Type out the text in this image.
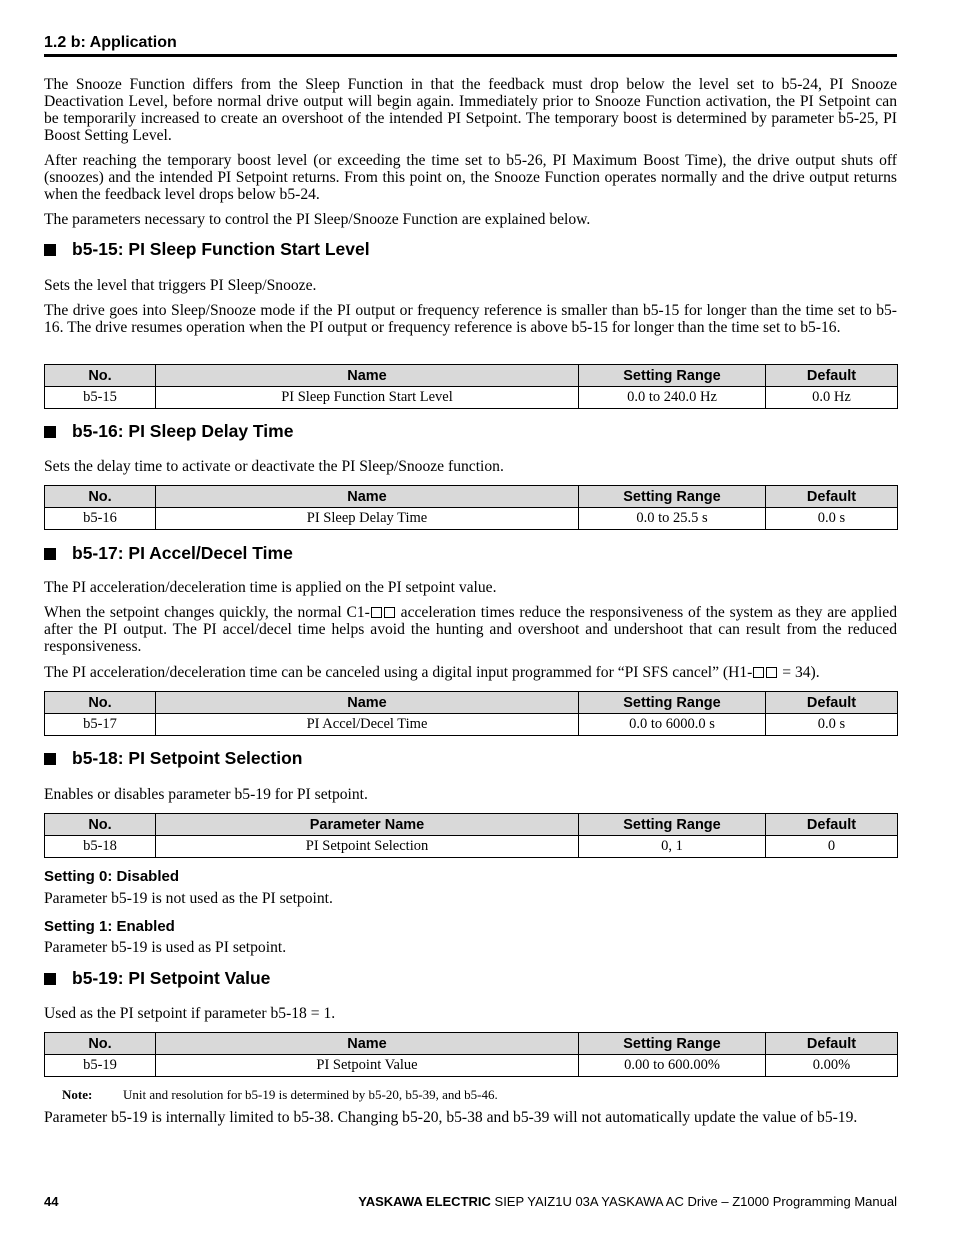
1.2 b: Application

The Snooze Function differs from the Sleep Function in that the feedback must drop below the level set to b5-24, PI Snooze Deactivation Level, before normal drive output will begin again. Immediately prior to Snooze Function activation, the PI Setpoint can be temporarily increased to create an overshoot of the intended PI Setpoint. The temporary boost is determined by parameter b5-25, PI Boost Setting Level.

After reaching the temporary boost level (or exceeding the time set to b5-26, PI Maximum Boost Time), the drive output shuts off (snoozes) and the intended PI Setpoint returns. From this point on, the Snooze Function operates normally and the drive output returns when the feedback level drops below b5-24.

The parameters necessary to control the PI Sleep/Snooze Function are explained below.

b5-15: PI Sleep Function Start Level

Sets the level that triggers PI Sleep/Snooze.

The drive goes into Sleep/Snooze mode if the PI output or frequency reference is smaller than b5-15 for longer than the time set to b5-16. The drive resumes operation when the PI output or frequency reference is above b5-15 for longer than the time set to b5-16.

No.	Name	Setting Range	Default
b5-15	PI Sleep Function Start Level	0.0 to 240.0 Hz	0.0 Hz
b5-16: PI Sleep Delay Time

Sets the delay time to activate or deactivate the PI Sleep/Snooze function.

No.	Name	Setting Range	Default
b5-16	PI Sleep Delay Time	0.0 to 25.5 s	0.0 s
b5-17: PI Accel/Decel Time

The PI acceleration/deceleration time is applied on the PI setpoint value.

When the setpoint changes quickly, the normal C1- acceleration times reduce the responsiveness of the system as they are applied after the PI output. The PI accel/decel time helps avoid the hunting and overshoot and undershoot that can result from the reduced responsiveness.

The PI acceleration/deceleration time can be canceled using a digital input programmed for “PI SFS cancel” (H1- = 34).

No.	Name	Setting Range	Default
b5-17	PI Accel/Decel Time	0.0 to 6000.0 s	0.0 s
b5-18: PI Setpoint Selection

Enables or disables parameter b5-19 for PI setpoint.

No.	Parameter Name	Setting Range	Default
b5-18	PI Setpoint Selection	0, 1	0
Setting 0: Disabled

Parameter b5-19 is not used as the PI setpoint.

Setting 1: Enabled

Parameter b5-19 is used as PI setpoint.

b5-19: PI Setpoint Value

Used as the PI setpoint if parameter b5-18 = 1.

No.	Name	Setting Range	Default
b5-19	PI Setpoint Value	0.00 to 600.00%	0.00%
Note:	Unit and resolution for b5-19 is determined by b5-20, b5-39, and b5-46.

Parameter b5-19 is internally limited to b5-38. Changing b5-20, b5-38 and b5-39 will not automatically update the value of b5-19.

44	YASKAWA ELECTRIC SIEP YAIZ1U 03A YASKAWA AC Drive – Z1000 Programming Manual
